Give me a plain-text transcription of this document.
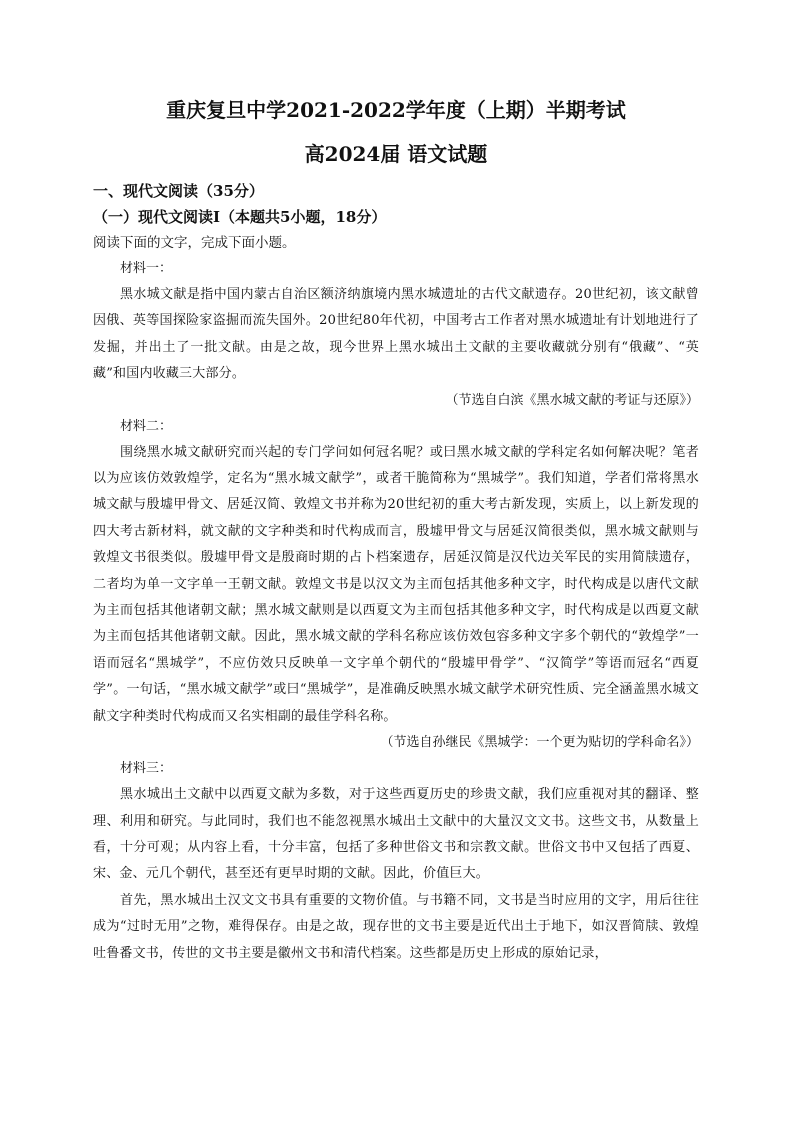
重庆复旦中学2021-2022学年度（上期）半期考试
高2024届 语文试题

一、现代文阅读（35分）

（一）现代文阅读Ⅰ（本题共5小题，18分）

阅读下面的文字，完成下面小题。

材料一：

黑水城文献是指中国内蒙古自治区额济纳旗境内黑水城遗址的古代文献遗存。20世纪初，该文献曾因俄、英等国探险家盗掘而流失国外。20世纪80年代初，中国考古工作者对黑水城遗址有计划地进行了发掘，并出土了一批文献。由是之故，现今世界上黑水城出土文献的主要收藏就分别有“俄藏”、“英藏”和国内收藏三大部分。

（节选自白滨《黑水城文献的考证与还原》）

材料二：

围绕黑水城文献研究而兴起的专门学问如何冠名呢？或曰黑水城文献的学科定名如何解决呢？笔者以为应该仿效敦煌学，定名为“黑水城文献学”，或者干脆简称为“黑城学”。我们知道，学者们常将黑水城文献与殷墟甲骨文、居延汉简、敦煌文书并称为20世纪初的重大考古新发现，实质上，以上新发现的四大考古新材料，就文献的文字种类和时代构成而言，殷墟甲骨文与居延汉简很类似，黑水城文献则与敦煌文书很类似。殷墟甲骨文是殷商时期的占卜档案遗存，居延汉简是汉代边关军民的实用简牍遗存，二者均为单一文字单一王朝文献。敦煌文书是以汉文为主而包括其他多种文字，时代构成是以唐代文献为主而包括其他诸朝文献；黑水城文献则是以西夏文为主而包括其他多种文字，时代构成是以西夏文献为主而包括其他诸朝文献。因此，黑水城文献的学科名称应该仿效包容多种文字多个朝代的“敦煌学”一语而冠名“黑城学”，不应仿效只反映单一文字单个朝代的“殷墟甲骨学”、“汉简学”等语而冠名“西夏学”。一句话，“黑水城文献学”或曰“黑城学”，是准确反映黑水城文献学术研究性质、完全涵盖黑水城文献文字种类时代构成而又名实相副的最佳学科名称。

（节选自孙继民《黑城学：一个更为贴切的学科命名》）

材料三：

黑水城出土文献中以西夏文献为多数，对于这些西夏历史的珍贵文献，我们应重视对其的翻译、整理、利用和研究。与此同时，我们也不能忽视黑水城出土文献中的大量汉文文书。这些文书，从数量上看，十分可观；从内容上看，十分丰富，包括了多种世俗文书和宗教文献。世俗文书中又包括了西夏、宋、金、元几个朝代，甚至还有更早时期的文献。因此，价值巨大。

首先，黑水城出土汉文文书具有重要的文物价值。与书籍不同，文书是当时应用的文字，用后往往成为“过时无用”之物，难得保存。由是之故，现存世的文书主要是近代出土于地下，如汉晋简牍、敦煌吐鲁番文书，传世的文书主要是徽州文书和清代档案。这些都是历史上形成的原始记录，
